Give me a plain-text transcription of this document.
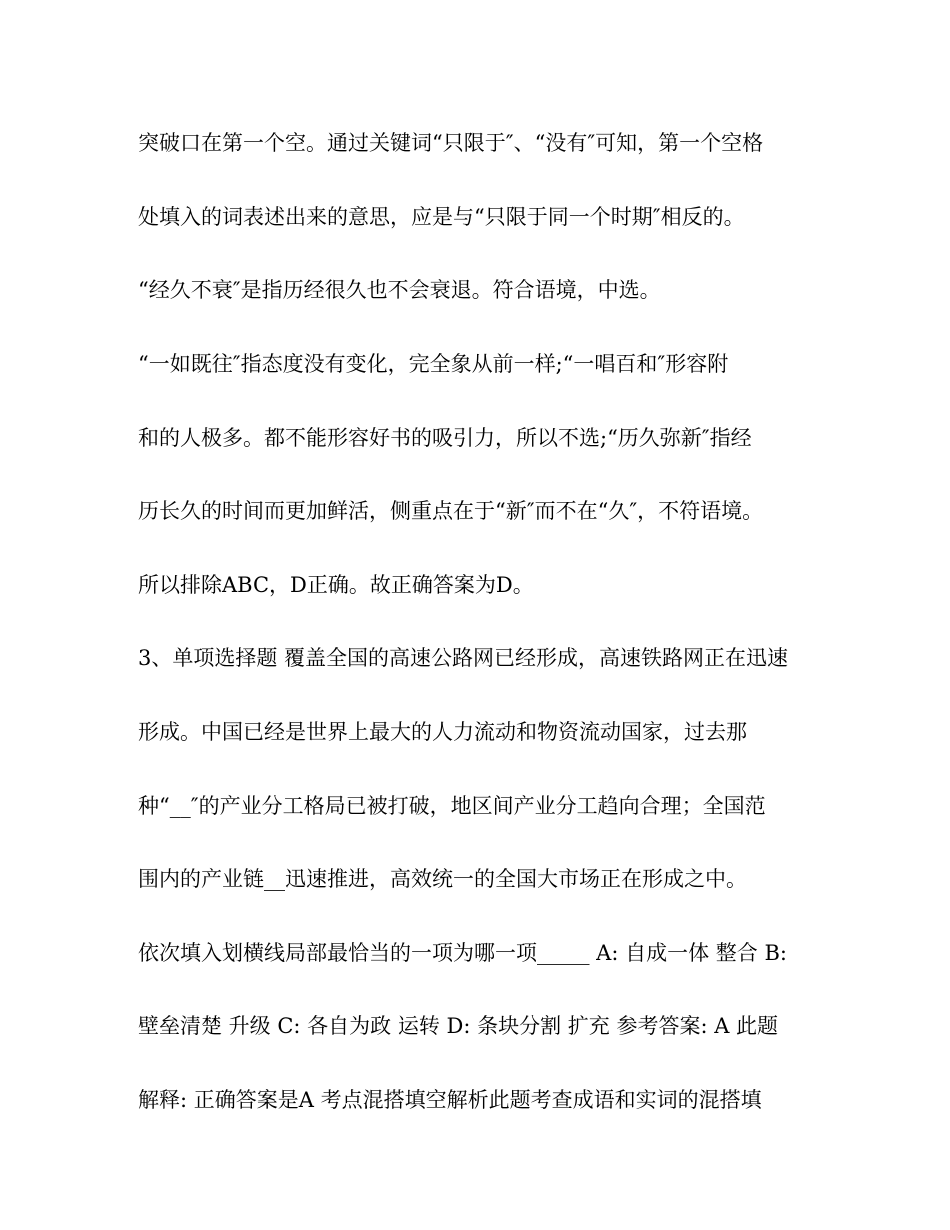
突破口在第一个空。通过关键词“只限于″、“没有″可知，第一个空格
处填入的词表述出来的意思，应是与“只限于同一个时期″相反的。
“经久不衰″是指历经很久也不会衰退。符合语境，中选。
“一如既往″指态度没有变化，完全象从前一样;“一唱百和″形容附
和的人极多。都不能形容好书的吸引力，所以不选;“历久弥新″指经
历长久的时间而更加鲜活，侧重点在于“新″而不在“久″，不符语境。
所以排除ABC，D正确。故正确答案为D。
3、单项选择题 覆盖全国的高速公路网已经形成，高速铁路网正在迅速
形成。中国已经是世界上最大的人力流动和物资流动国家，过去那
种“__″的产业分工格局已被打破，地区间产业分工趋向合理；全国范
围内的产业链__迅速推进，高效统一的全国大市场正在形成之中。
依次填入划横线局部最恰当的一项为哪一项_____ A: 自成一体 整合 B:
壁垒清楚 升级 C: 各自为政 运转 D: 条块分割 扩充 参考答案: A 此题
解释: 正确答案是A 考点混搭填空解析此题考查成语和实词的混搭填
